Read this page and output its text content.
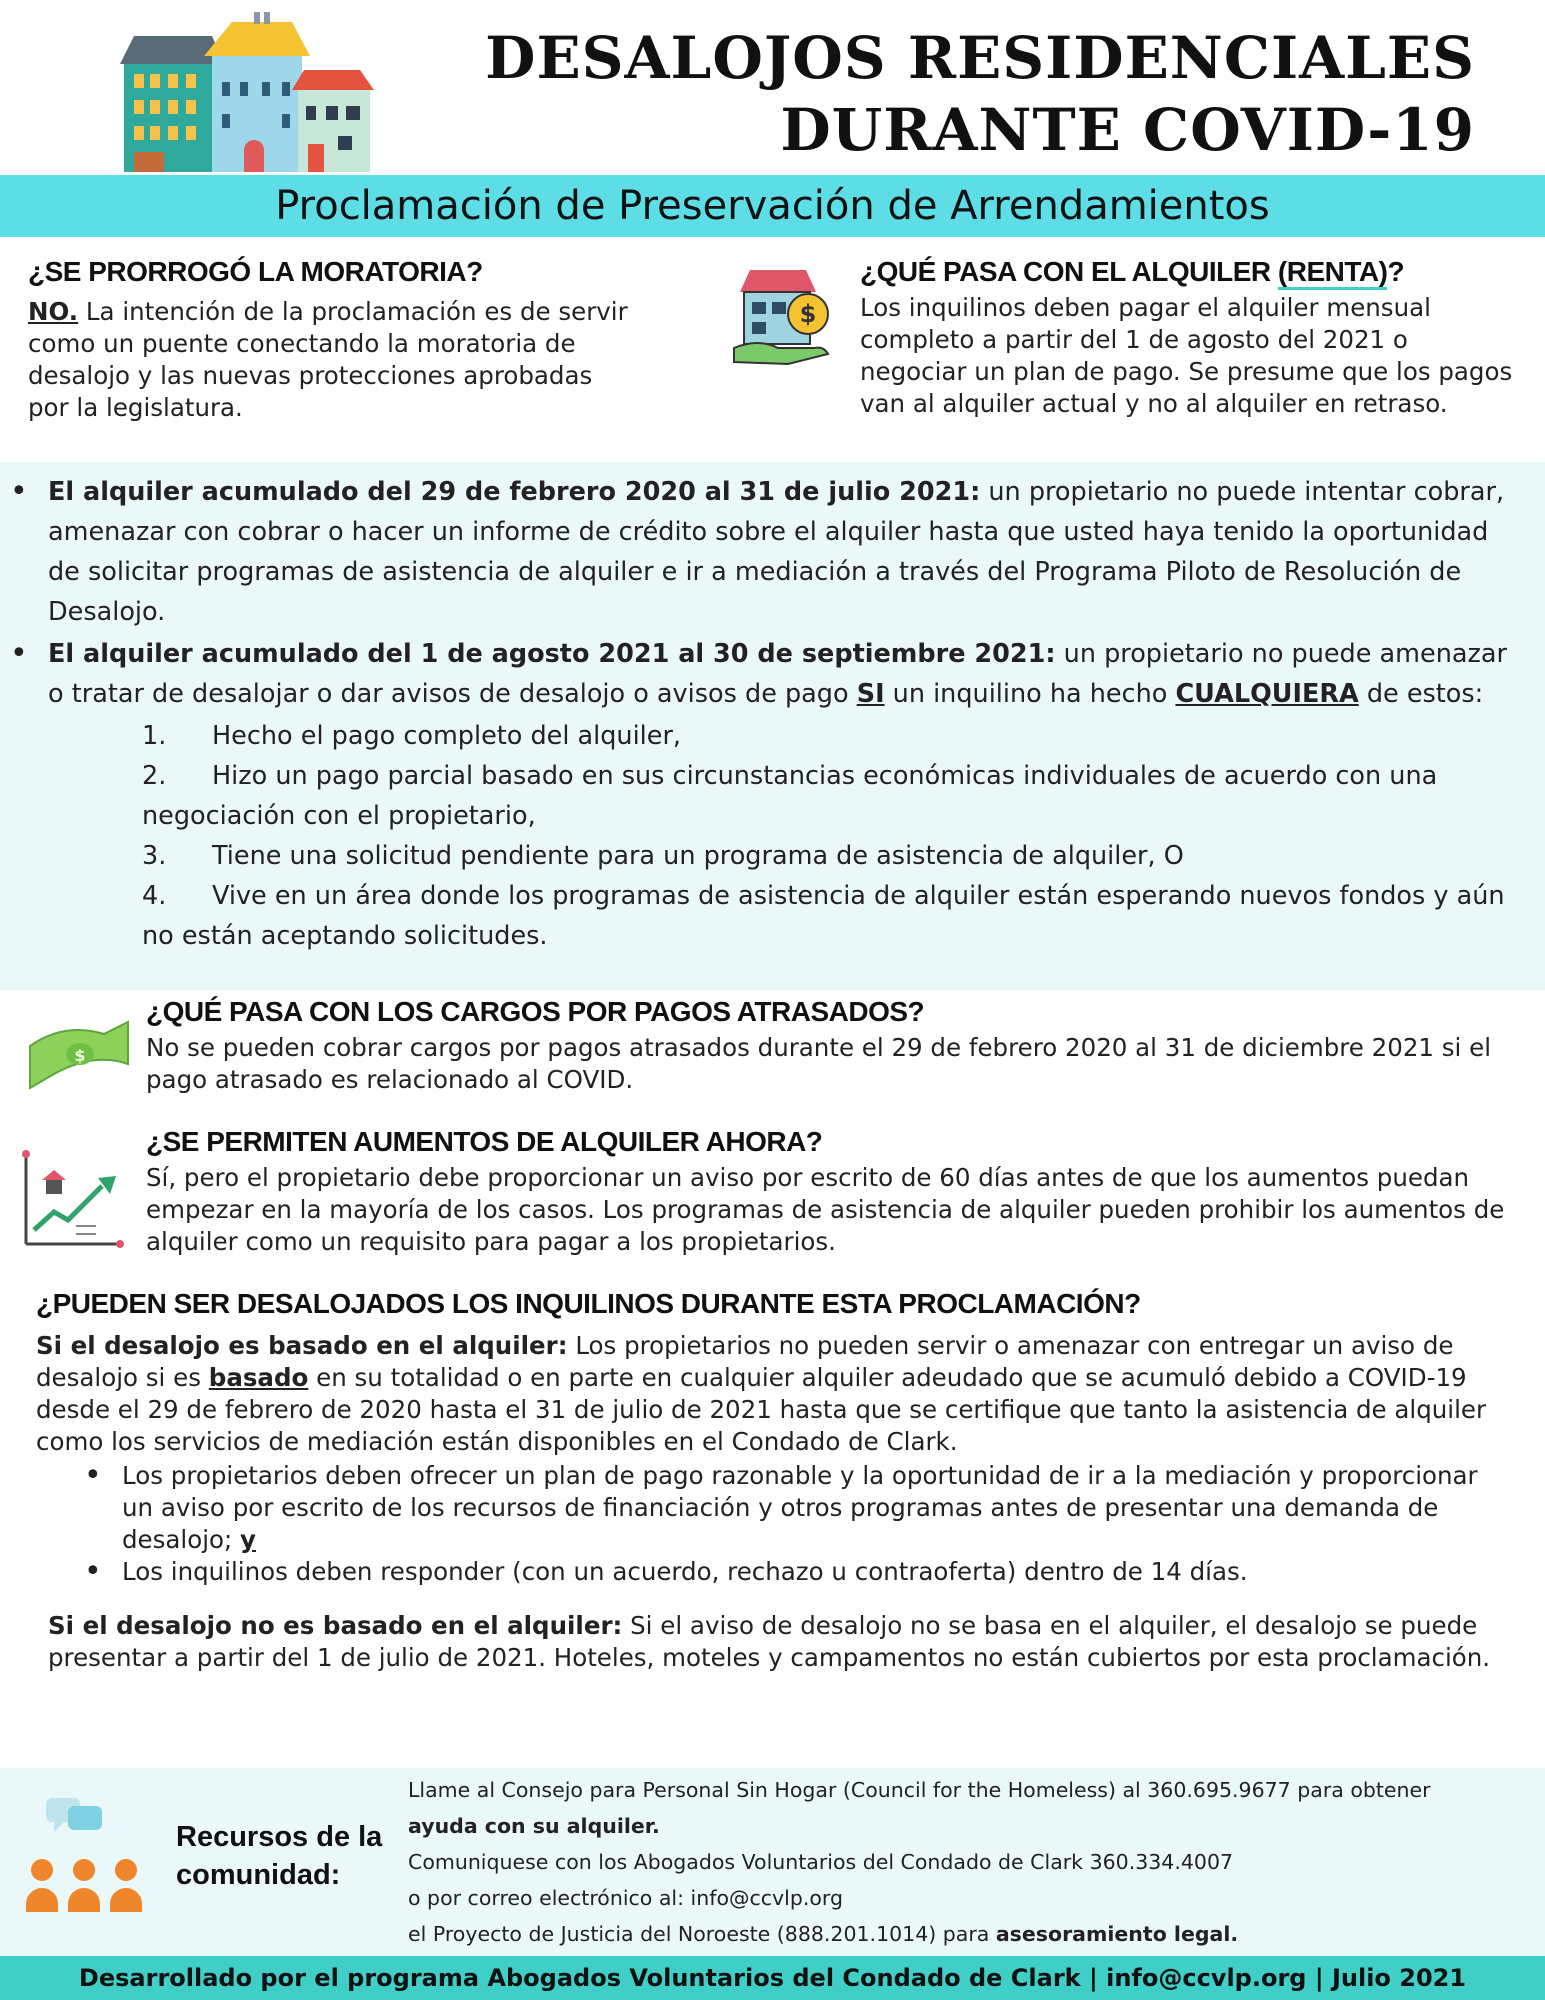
DESALOJOS RESIDENCIALES
DURANTE COVID-19
Proclamación de Preservación de Arrendamientos
¿SE PRORROGÓ LA MORATORIA?

NO. La intención de la proclamación es de servir como un puente conectando la moratoria de desalojo y las nuevas protecciones aprobadas por la legislatura.

$
¿QUÉ PASA CON EL ALQUILER (RENTA)?

Los inquilinos deben pagar el alquiler mensual completo a partir del 1 de agosto del 2021 o negociar un plan de pago. Se presume que los pagos van al alquiler actual y no al alquiler en retraso.

• El alquiler acumulado del 29 de febrero 2020 al 31 de julio 2021: un propietario no puede intentar cobrar, amenazar con cobrar o hacer un informe de crédito sobre el alquiler hasta que usted haya tenido la oportunidad de solicitar programas de asistencia de alquiler e ir a mediación a través del Programa Piloto de Resolución de Desalojo.
• El alquiler acumulado del 1 de agosto 2021 al 30 de septiembre 2021: un propietario no puede amenazar o tratar de desalojar o dar avisos de desalojo o avisos de pago SI un inquilino ha hecho CUALQUIERA de estos:
1. Hecho el pago completo del alquiler,
2. Hizo un pago parcial basado en sus circunstancias económicas individuales de acuerdo con una negociación con el propietario,
3. Tiene una solicitud pendiente para un programa de asistencia de alquiler, O
4. Vive en un área donde los programas de asistencia de alquiler están esperando nuevos fondos y aún no están aceptando solicitudes.
$
¿QUÉ PASA CON LOS CARGOS POR PAGOS ATRASADOS?

No se pueden cobrar cargos por pagos atrasados durante el 29 de febrero 2020 al 31 de diciembre 2021 si el pago atrasado es relacionado al COVID.

¿SE PERMITEN AUMENTOS DE ALQUILER AHORA?

Sí, pero el propietario debe proporcionar un aviso por escrito de 60 días antes de que los aumentos puedan empezar en la mayoría de los casos. Los programas de asistencia de alquiler pueden prohibir los aumentos de alquiler como un requisito para pagar a los propietarios.

¿PUEDEN SER DESALOJADOS LOS INQUILINOS DURANTE ESTA PROCLAMACIÓN?

Si el desalojo es basado en el alquiler: Los propietarios no pueden servir o amenazar con entregar un aviso de desalojo si es basado en su totalidad o en parte en cualquier alquiler adeudado que se acumuló debido a COVID-19 desde el 29 de febrero de 2020 hasta el 31 de julio de 2021 hasta que se certifique que tanto la asistencia de alquiler como los servicios de mediación están disponibles en el Condado de Clark.

• Los propietarios deben ofrecer un plan de pago razonable y la oportunidad de ir a la mediación y proporcionar un aviso por escrito de los recursos de financiación y otros programas antes de presentar una demanda de desalojo; y
• Los inquilinos deben responder (con un acuerdo, rechazo u contraoferta) dentro de 14 días.

Si el desalojo no es basado en el alquiler: Si el aviso de desalojo no se basa en el alquiler, el desalojo se puede presentar a partir del 1 de julio de 2021. Hoteles, moteles y campamentos no están cubiertos por esta proclamación.

Recursos de la
comunidad:
Llame al Consejo para Personal Sin Hogar (Council for the Homeless) al 360.695.9677 para obtener
ayuda con su alquiler.
Comuniquese con los Abogados Voluntarios del Condado de Clark 360.334.4007
o por correo electrónico al: info@ccvlp.org
el Proyecto de Justicia del Noroeste (888.201.1014) para asesoramiento legal.
Desarrollado por el programa Abogados Voluntarios del Condado de Clark | info@ccvlp.org | Julio 2021
